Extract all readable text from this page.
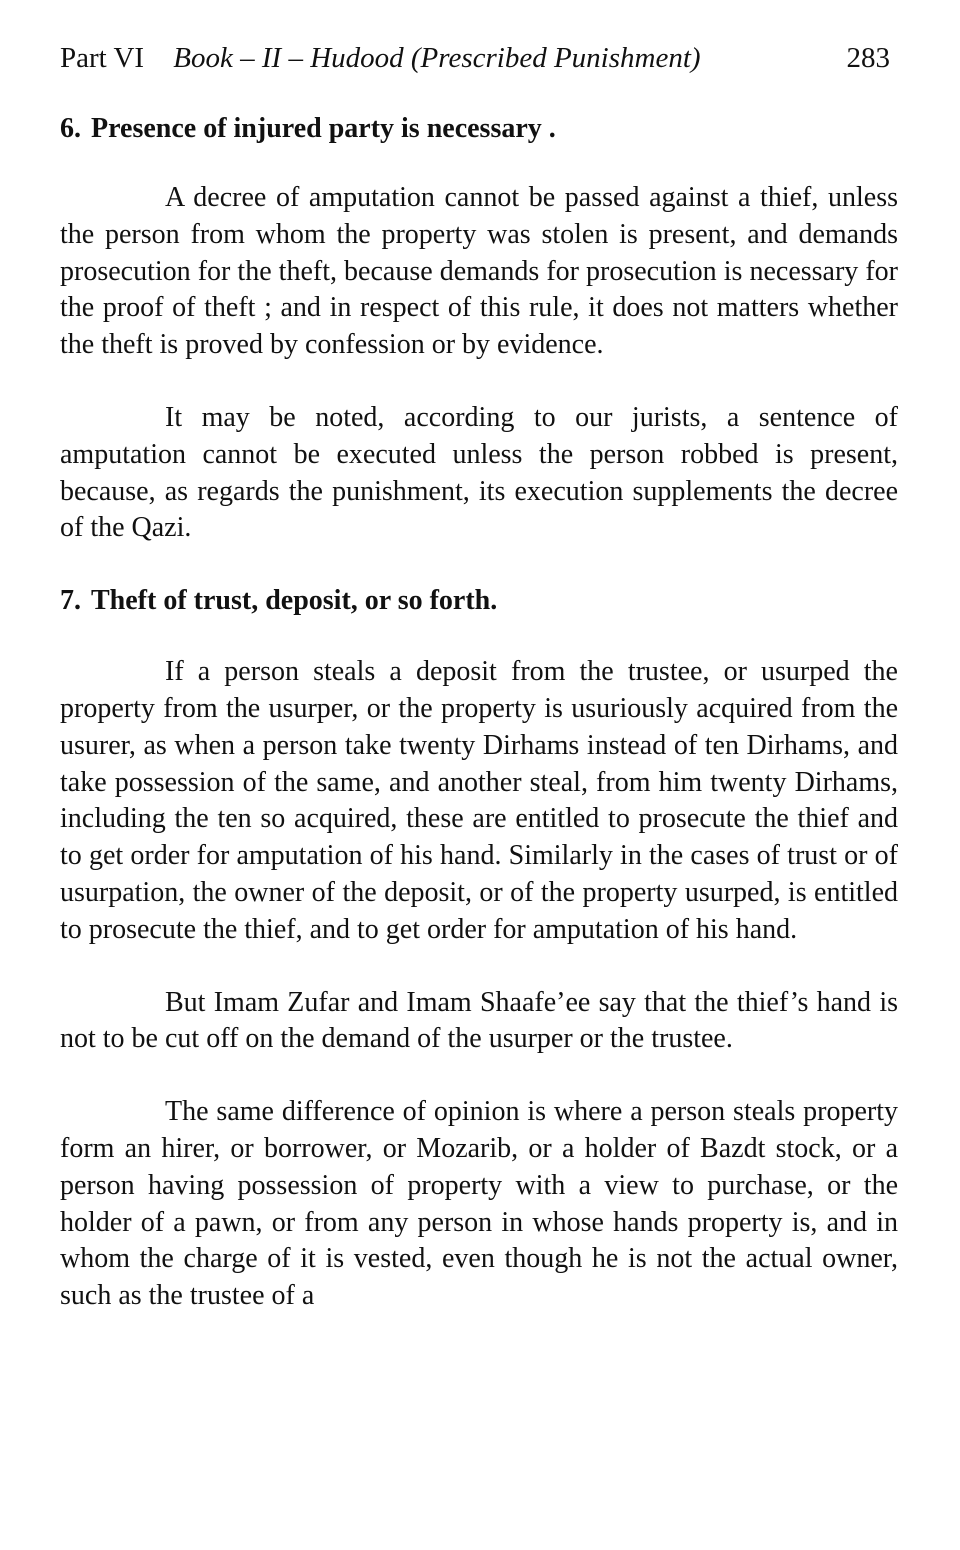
Part VI Book – II – Hudood (Prescribed Punishment)	283
6. Presence of injured party is necessary .

A decree of amputation cannot be passed against a thief, unless the person from whom the property was stolen is present, and demands prosecution for the theft, because demands for prosecution is necessary for the proof of theft ; and in respect of this rule, it does not matters whether the theft is proved by confession or by evidence.

It may be noted, according to our jurists, a sentence of amputation cannot be executed unless the person robbed is present, because, as regards the punishment, its execution supplements the decree of the Qazi.

7. Theft of trust, deposit, or so forth.

If a person steals a deposit from the trustee, or usurped the property from the usurper, or the property is usuriously acquired from the usurer, as when a person take twenty Dirhams instead of ten Dirhams, and take possession of the same, and another steal, from him twenty Dirhams, including the ten so acquired, these are entitled to prosecute the thief and to get order for amputation of his hand. Similarly in the cases of trust or of usurpation, the owner of the deposit, or of the property usurped, is entitled to prosecute the thief, and to get order for amputation of his hand.

But Imam Zufar and Imam Shaafe’ee say that the thief’s hand is not to be cut off on the demand of the usurper or the trustee.

The same difference of opinion is where a person steals property form an hirer, or borrower, or Mozarib, or a holder of Bazdt stock, or a person having possession of property with a view to purchase, or the holder of a pawn, or from any person in whose hands property is, and in whom the charge of it is vested, even though he is not the actual owner, such as the trustee of a
